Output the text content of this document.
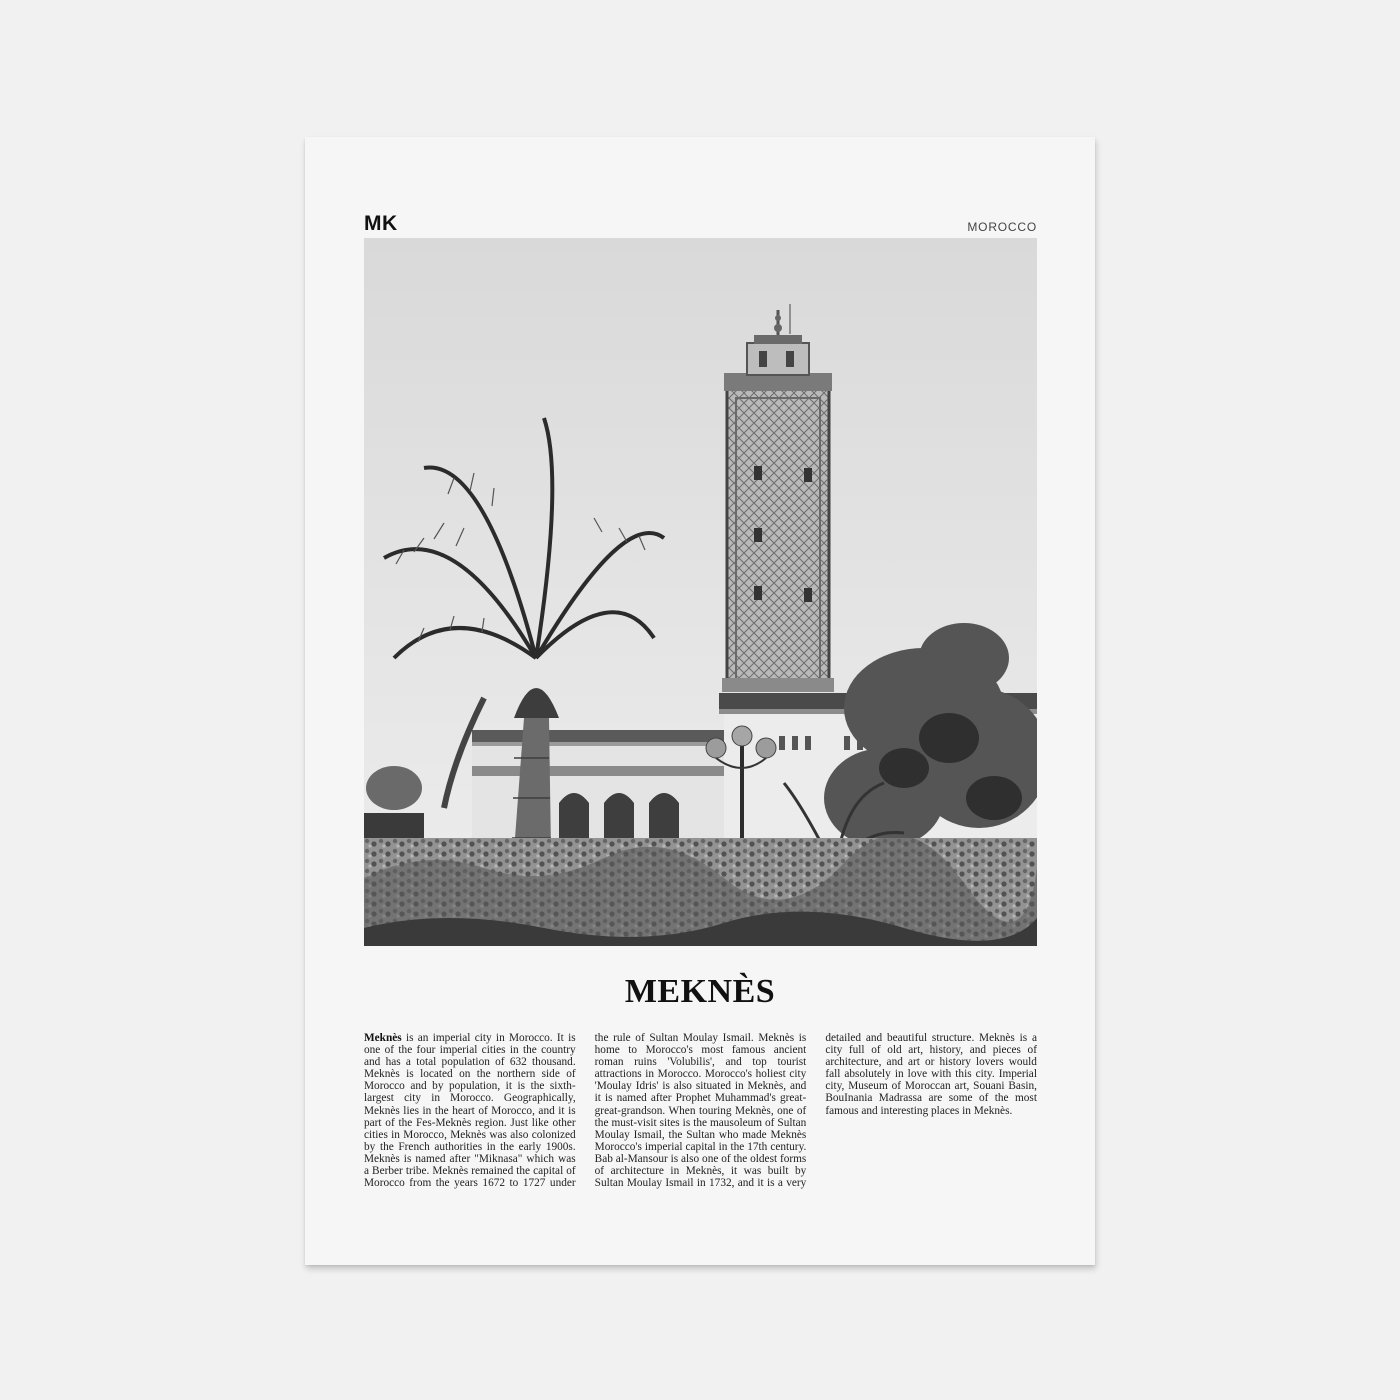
MK	MOROCCO
MEKNÈS
Meknès is an imperial city in Morocco. It is one of the four imperial cities in the country and has a total population of 632 thousand. Meknès is located on the northern side of Morocco and by population, it is the sixth-largest city in Morocco. Geographically, Meknès lies in the heart of Morocco, and it is part of the Fes-Meknès region. Just like other cities in Morocco, Meknès was also colonized by the French authorities in the early 1900s. Meknès is named after "Miknasa" which was a Berber tribe. Meknès remained the capital of Morocco from the years 1672 to 1727 under the rule of Sultan Moulay Ismail. Meknès is home to Morocco's most famous ancient roman ruins 'Volubilis', and top tourist attractions in Morocco. Morocco's holiest city 'Moulay Idris' is also situated in Meknès, and it is named after Prophet Muhammad's great-great-grandson. When touring Meknès, one of the must-visit sites is the mausoleum of Sultan Moulay Ismail, the Sultan who made Meknès Morocco's imperial capital in the 17th century. Bab al-Mansour is also one of the oldest forms of architecture in Meknès, it was built by Sultan Moulay Ismail in 1732, and it is a very detailed and beautiful structure. Meknès is a city full of old art, history, and pieces of architecture, and art or history lovers would fall absolutely in love with this city. Imperial city, Museum of Moroccan art, Souani Basin, BouInania Madrassa are some of the most famous and interesting places in Meknès.
